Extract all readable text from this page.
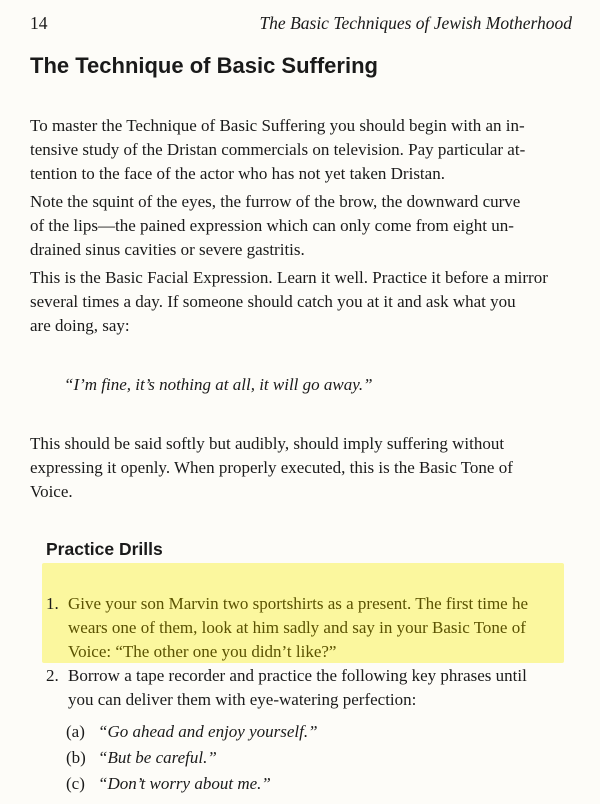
14	The Basic Techniques of Jewish Motherhood
The Technique of Basic Suffering

To master the Technique of Basic Suffering you should begin with an in-
tensive study of the Dristan commercials on television. Pay particular at-
tention to the face of the actor who has not yet taken Dristan.

Note the squint of the eyes, the furrow of the brow, the downward curve
of the lips—the pained expression which can only come from eight un-
drained sinus cavities or severe gastritis.

This is the Basic Facial Expression. Learn it well. Practice it before a mirror
several times a day. If someone should catch you at it and ask what you
are doing, say:

“I’m fine, it’s nothing at all, it will go away.”

This should be said softly but audibly, should imply suffering without
expressing it openly. When properly executed, this is the Basic Tone of
Voice.

Practice Drills
1. Give your son Marvin two sportshirts as a present. The first time he
wears one of them, look at him sadly and say in your Basic Tone of
Voice: “The other one you didn’t like?”
2. Borrow a tape recorder and practice the following key phrases until
you can deliver them with eye-watering perfection:
(a) “Go ahead and enjoy yourself.”
(b) “But be careful.”
(c) “Don’t worry about me.”
